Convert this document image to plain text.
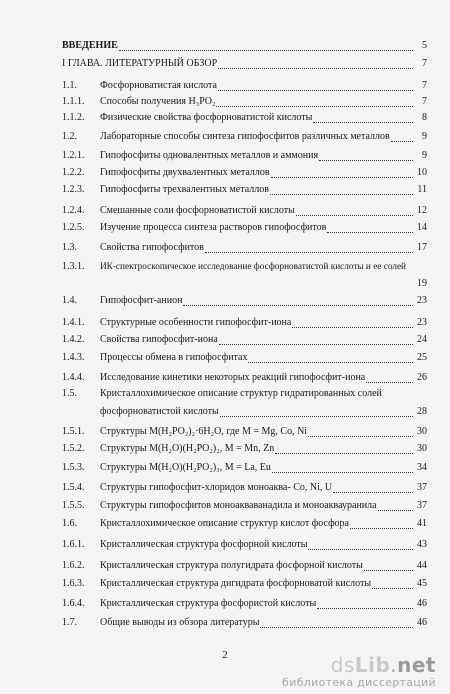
ВВЕДЕНИЕ	5
I ГЛАВА. ЛИТЕРАТУРНЫЙ ОБЗОР	7
1.1. Фосфорноватистая кислота	7
1.1.1. Способы получения H₃PO₂	7
1.1.2. Физические свойства фосфорноватистой кислоты	8
1.2. Лабораторные способы синтеза гипофосфитов различных металлов	9
1.2.1. Гипофосфиты одновалентных металлов и аммония	9
1.2.2. Гипофосфиты двухвалентных металлов	10
1.2.3. Гипофосфиты трехвалентных металлов	11
1.2.4. Смешанные соли фосфорноватистой кислоты	12
1.2.5. Изучение процесса синтеза растворов гипофосфитов	14
1.3. Свойства гипофосфитов	17
1.3.1. ИК-спектроскопическое исследование фосфорноватистой кислоты и ее солей
19
1.4. Гипофосфит-анион	23
1.4.1. Структурные особенности гипофосфит-иона	23
1.4.2. Свойства гипофосфит-иона	24
1.4.3. Процессы обмена в гипофосфитах	25
1.4.4. Исследование кинетики некоторых реакций гипофосфит-иона	26
1.5. Кристаллохимическое описание структур гидратированных солей
фосфорноватистой кислоты	28
1.5.1. Структуры M(H₂PO₂)₂·6H₂O, где M = Mg, Co, Ni	30
1.5.2. Структуры M(H₂O)(H₂PO₂)₂, M = Mn, Zn	30
1.5.3. Структуры M(H₂O)(H₂PO₂)₃, M = La, Eu	34
1.5.4. Структуры гипофосфит-хлоридов моноаква- Co, Ni, U	37
1.5.5. Структуры гипофосфитов моноакваванадила и моноаквауранила	37
1.6. Кристаллохимическое описание структур кислот фосфора	41
1.6.1. Кристаллическая структура фосфорной кислоты	43
1.6.2. Кристаллическая структура полугидрата фосфорной кислоты	44
1.6.3. Кристаллическая структура дигидрата фосфорноватой кислоты	45
1.6.4. Кристаллическая структура фосфористой кислоты	46
1.7. Общие выводы из обзора литературы	46
2	dsLib.net
библиотека диссертаций
